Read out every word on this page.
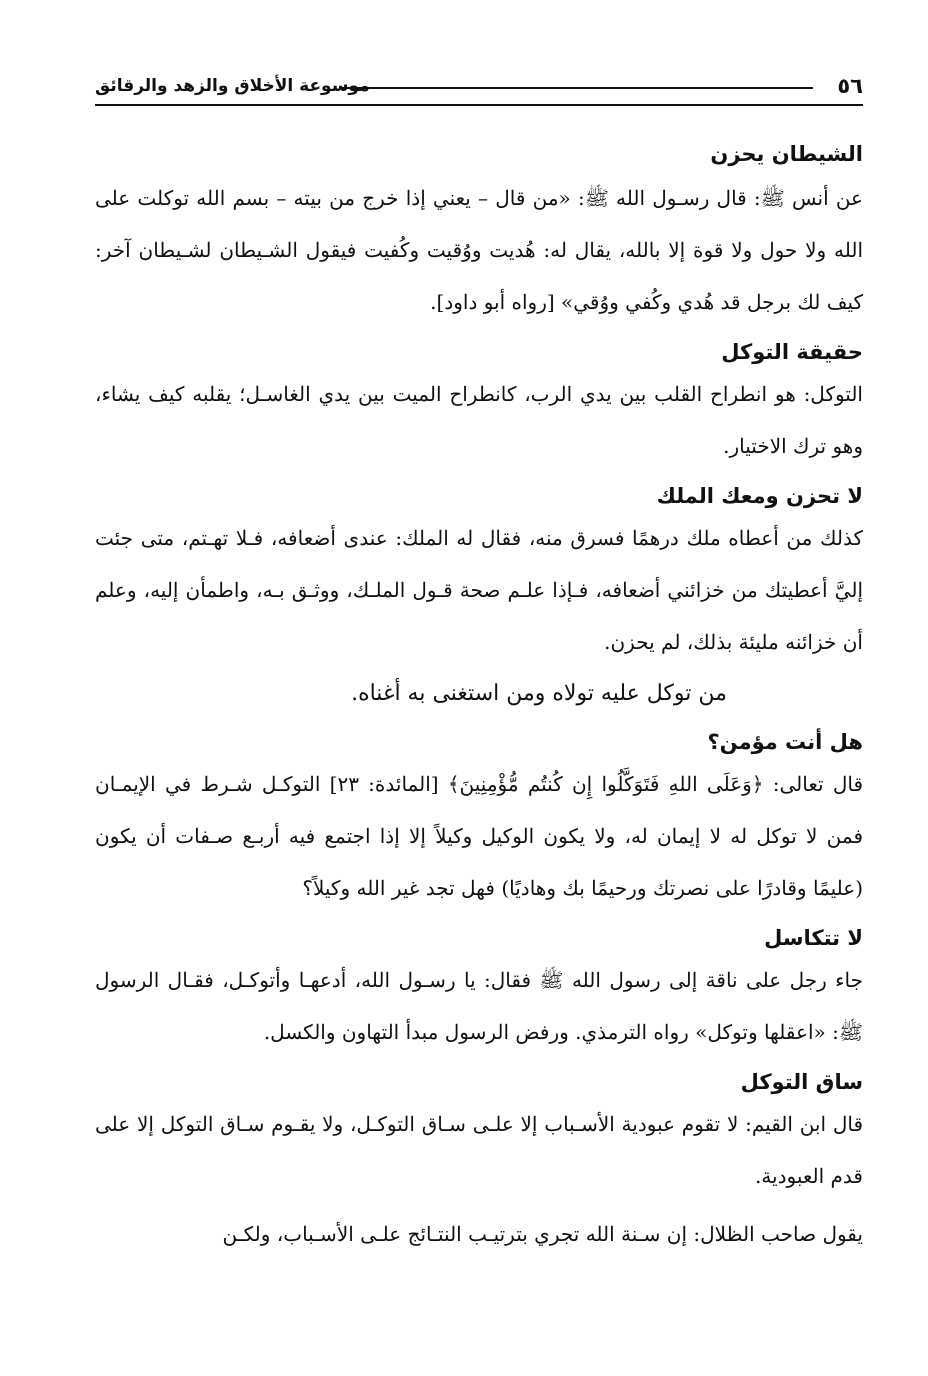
٥٦
موسوعة الأخلاق والزهد والرقائق
الشيطان يحزن

عن أنس ﷺ: قال رسـول الله ﷺ: «من قال – يعني إذا خرج من بيته – بسم الله توكلت على الله ولا حول ولا قوة إلا بالله، يقال له: هُديت ووُقيت وكُفيت فيقول الشـيطان لشـيطان آخر: كيف لك برجل قد هُدي وكُفي ووُقي» [رواه أبو داود].

حقيقة التوكل

التوكل: هو انطراح القلب بين يدي الرب، كانطراح الميت بين يدي الغاسـل؛ يقلبه كيف يشاء، وهو ترك الاختيار.

لا تحزن ومعك الملك

كذلك من أعطاه ملك درهمًا فسرق منه، فقال له الملك: عندى أضعافه، فـلا تهـتم، متى جئت إليَّ أعطيتك من خزائني أضعافه، فـإذا علـم صحة قـول الملـك، ووثـق بـه، واطمأن إليه، وعلم أن خزائنه مليئة بذلك، لم يحزن.

من توكل عليه تولاه ومن استغنى به أغناه.

هل أنت مؤمن؟

قال تعالى: ﴿وَعَلَى اللهِ فَتَوَكَّلُوا إِن كُنتُم مُّؤْمِنِينَ﴾ [المائدة: ٢٣] التوكـل شـرط في الإيمـان فمن لا توكل له لا إيمان له، ولا يكون الوكيل وكيلاً إلا إذا اجتمع فيه أربـع صـفات أن يكون (عليمًا وقادرًا على نصرتك ورحيمًا بك وهاديًا) فهل تجد غير الله وكيلاً؟

لا تتكاسل

جاء رجل على ناقة إلى رسول الله ﷺ فقال: يا رسـول الله، أدعهـا وأتوكـل، فقـال الرسول ﷺ: «اعقلها وتوكل» رواه الترمذي. ورفض الرسول مبدأ التهاون والكسل.

ساق التوكل

قال ابن القيم: لا تقوم عبودية الأسـباب إلا علـى سـاق التوكـل، ولا يقـوم سـاق التوكل إلا على قدم العبودية.

يقول صاحب الظلال: إن سـنة الله تجري بترتيـب النتـائج علـى الأسـباب، ولكـن
